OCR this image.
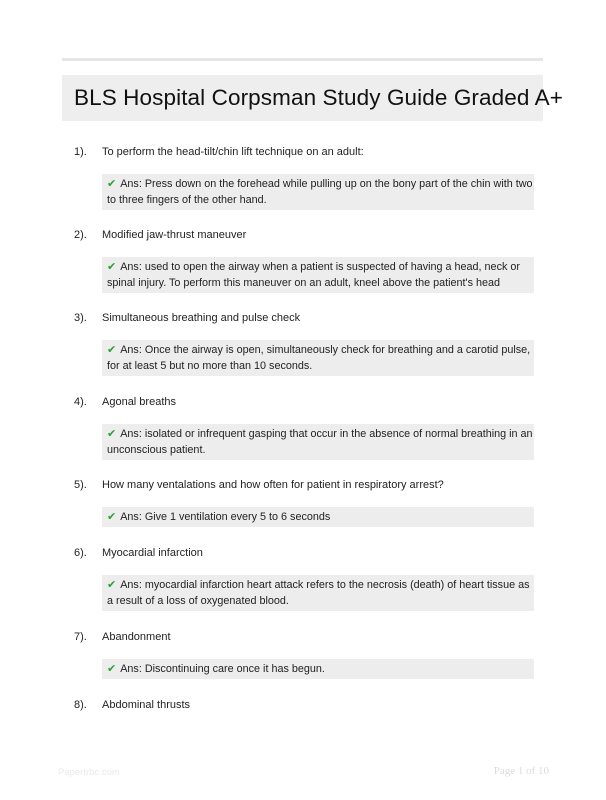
BLS Hospital Corpsman Study Guide Graded A+
1).	To perform the head-tilt/chin lift technique on an adult:
✔ Ans: Press down on the forehead while pulling up on the bony part of the chin with two
to three fingers of the other hand.
2).	Modified jaw-thrust maneuver
✔ Ans: used to open the airway when a patient is suspected of having a head, neck or
spinal injury. To perform this maneuver on an adult, kneel above the patient's head
3).	Simultaneous breathing and pulse check
✔ Ans: Once the airway is open, simultaneously check for breathing and a carotid pulse,
for at least 5 but no more than 10 seconds.
4).	Agonal breaths
✔ Ans: isolated or infrequent gasping that occur in the absence of normal breathing in an
unconscious patient.
5).	How many ventalations and how often for patient in respiratory arrest?
✔ Ans: Give 1 ventilation every 5 to 6 seconds
6).	Myocardial infarction
✔ Ans: myocardial infarction heart attack refers to the necrosis (death) of heart tissue as
a result of a loss of oxygenated blood.
7).	Abandonment
✔ Ans: Discontinuing care once it has begun.
8).	Abdominal thrusts
Papertrbc.com	Page 1 of 10
